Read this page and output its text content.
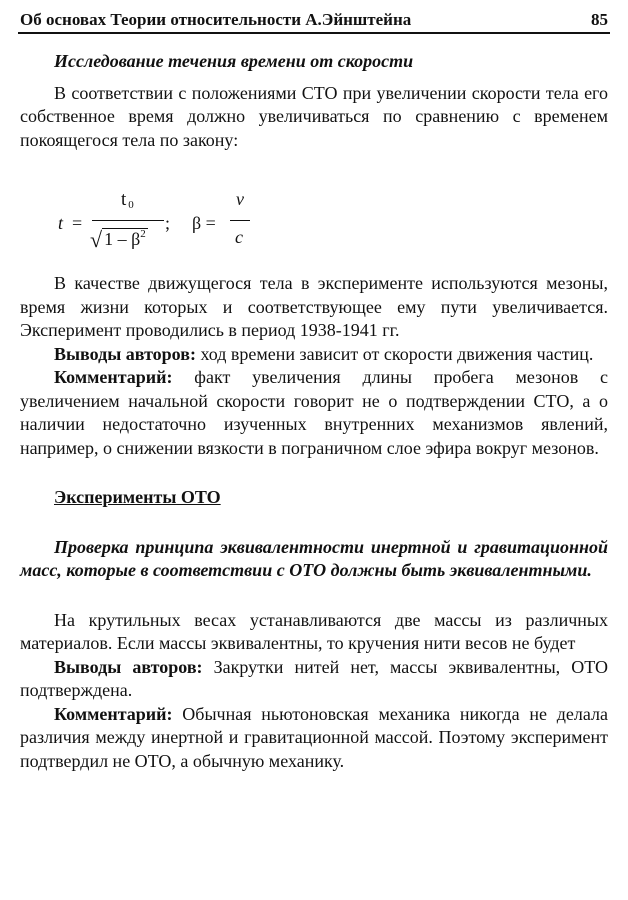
Об основах Теории относительности А.Эйнштейна	85
Исследование течения времени от скорости

В соответствии с положениями СТО при увеличении скорости тела его собственное время должно увеличиваться по сравнению с временем покоящегося тела по закону:

t =
t 0
√ $1 - \beta^2$
; β =
v
c

В качестве движущегося тела в эксперименте используются мезоны, время жизни которых и соответствующее ему пути увеличивается. Эксперимент проводились в период 1938-1941 гг.

Выводы авторов: ход времени зависит от скорости движения частиц.

Комментарий: факт увеличения длины пробега мезонов с увеличением начальной скорости говорит не о подтверждении СТО, а о наличии недостаточно изученных внутренних механизмов явлений, например, о снижении вязкости в пограничном слое эфира вокруг мезонов.

Эксперименты ОТО

Проверка принципа эквивалентности инертной и гравитационной масс, которые в соответствии с ОТО должны быть эквивалентными.

На крутильных весах устанавливаются две массы из различных материалов. Если массы эквивалентны, то кручения нити весов не будет

Выводы авторов: Закрутки нитей нет, массы эквивалентны, ОТО подтверждена.

Комментарий: Обычная ньютоновская механика никогда не делала различия между инертной и гравитационной массой. Поэтому эксперимент подтвердил не ОТО, а обычную механику.
